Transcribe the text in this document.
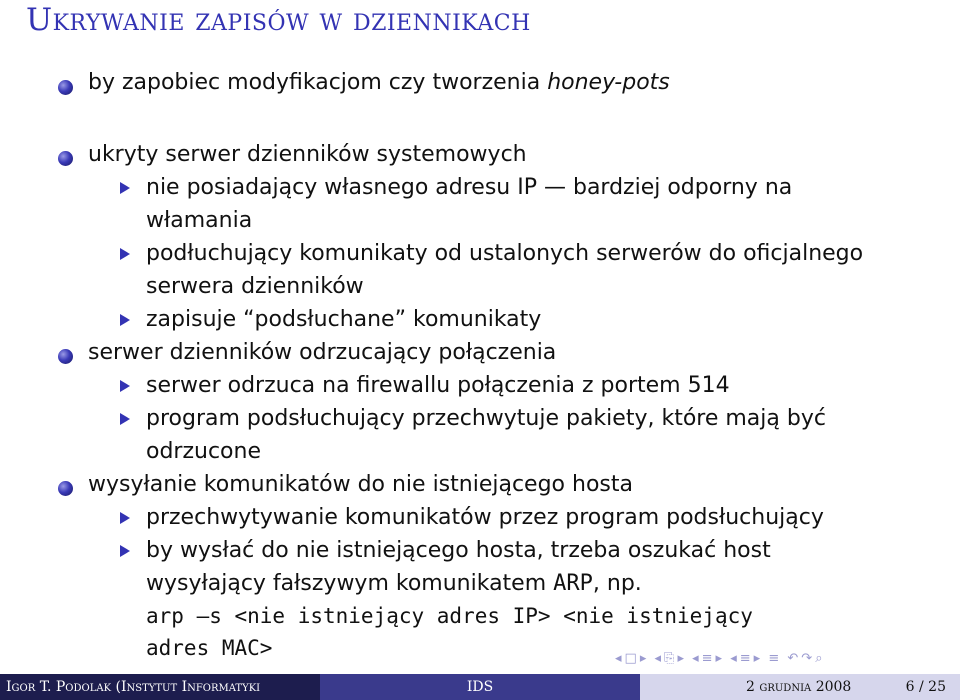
Ukrywanie zapisów w dziennikach
by zapobiec modyfikacjom czy tworzenia honey-pots
ukryty serwer dzienników systemowych
nie posiadający własnego adresu IP — bardziej odporny na
włamania
podłuchujący komunikaty od ustalonych serwerów do oficjalnego
serwera dzienników
zapisuje “podsłuchane” komunikaty
serwer dzienników odrzucający połączenia
serwer odrzuca na firewallu połączenia z portem 514
program podsłuchujący przechwytuje pakiety, które mają być
odrzucone
wysyłanie komunikatów do nie istniejącego hosta
przechwytywanie komunikatów przez program podsłuchujący
by wysłać do nie istniejącego hosta, trzeba oszukać host
wysyłający fałszywym komunikatem ARP, np.
arp –s <nie istniejący adres IP> <nie istniejący
adres MAC>	◂ □ ▸ ◂ ⎘ ▸ ◂ ≡ ▸ ◂ ≡ ▸ ≡ ↶ ↷ ⌕
Igor T. Podolak (Instytut Informatyki	IDS	2 grudnia 2008	6 / 25
